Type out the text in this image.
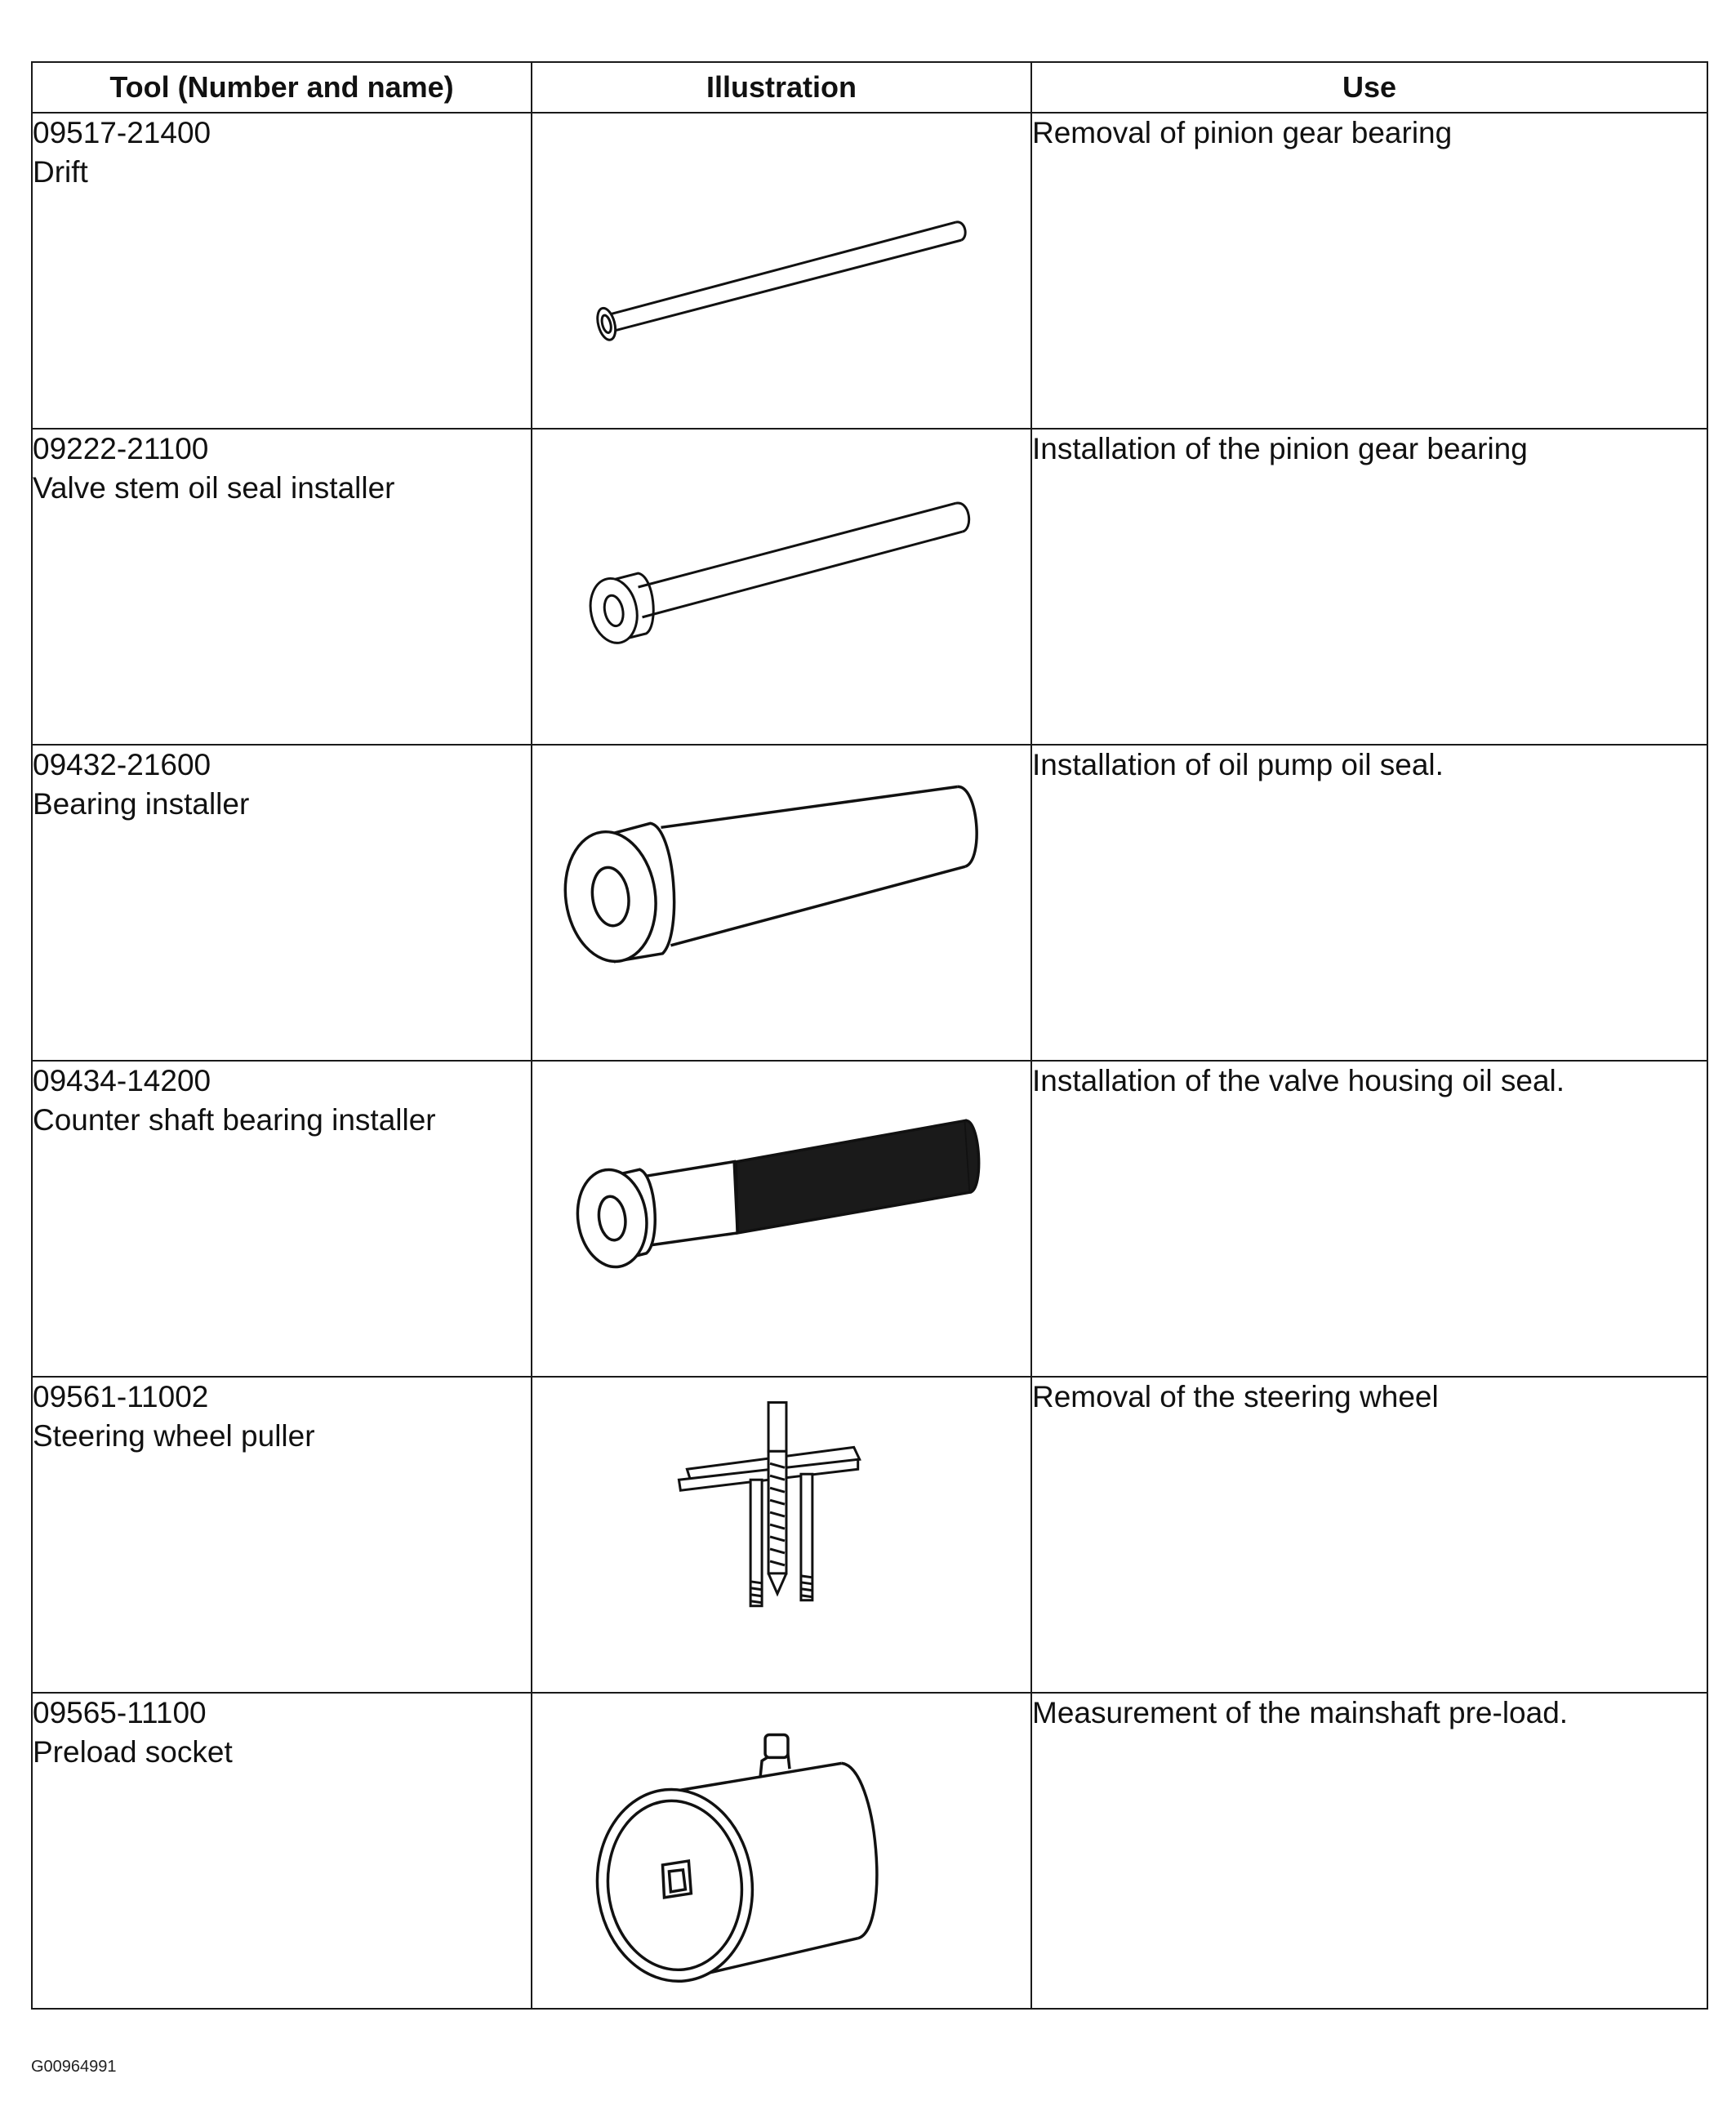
Tool (Number and name)	Illustration	Use

09517-21400
Drift		Removal of pinion gear bearing

09222-21100
Valve stem oil seal installer		Installation of the pinion gear bearing

09432-21600
Bearing installer		Installation of oil pump oil seal.

09434-14200
Counter shaft bearing installer		Installation of the valve housing oil seal.

09561-11002
Steering wheel puller		Removal of the steering wheel

09565-11100
Preload socket		Measurement of the mainshaft pre-load.
G00964991
